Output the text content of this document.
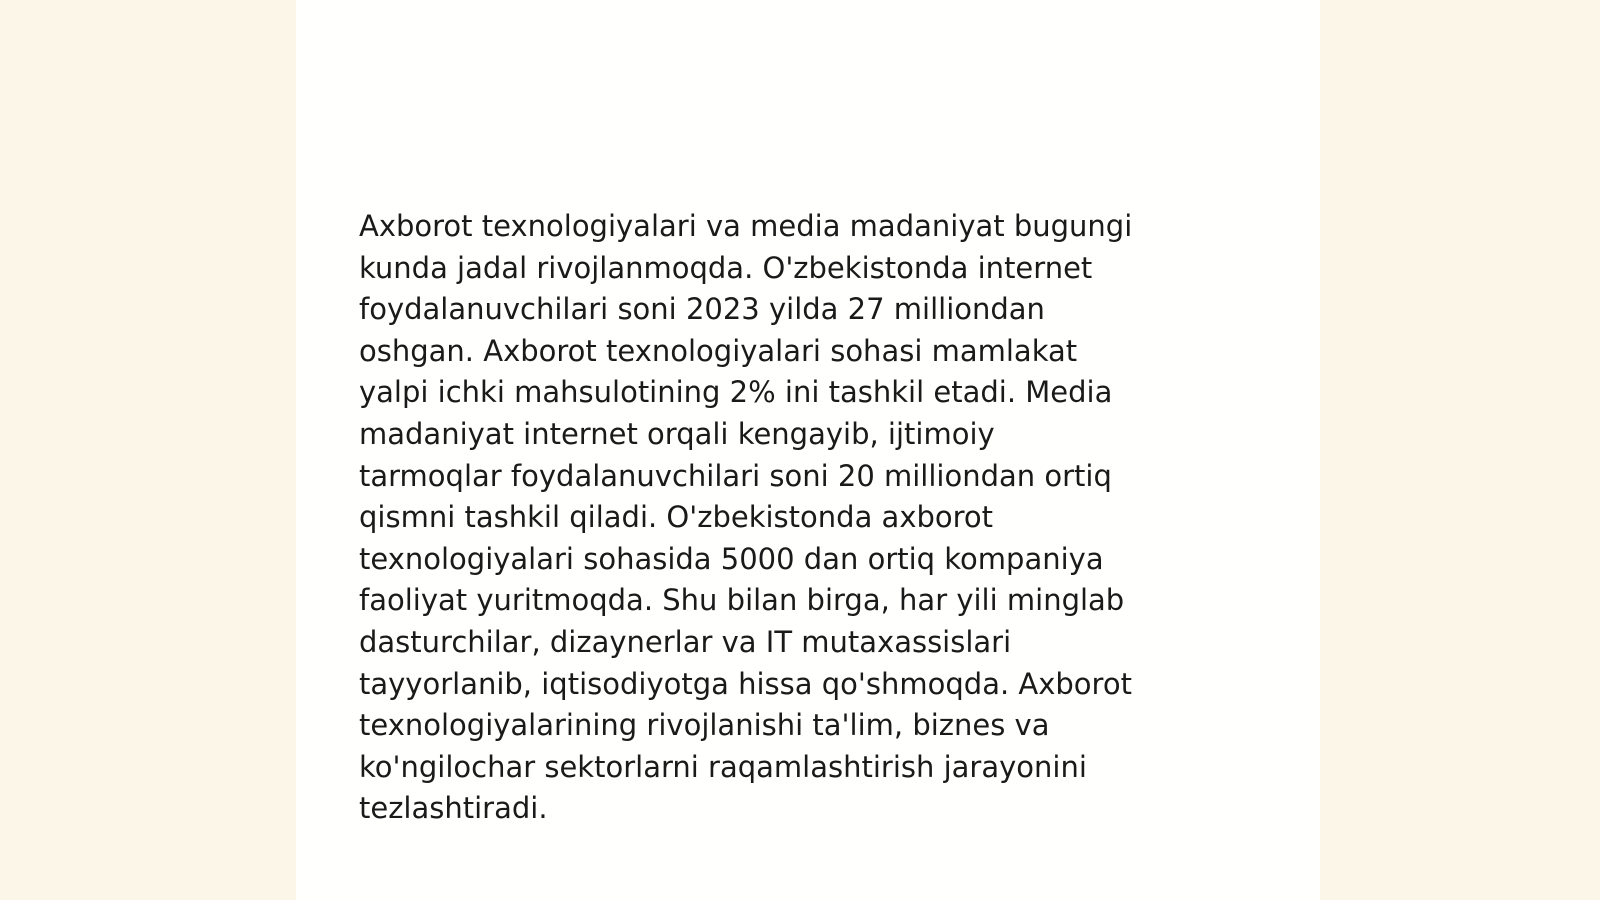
Axborot texnologiyalari va media madaniyat bugungi
kunda jadal rivojlanmoqda. O'zbekistonda internet
foydalanuvchilari soni 2023 yilda 27 milliondan
oshgan. Axborot texnologiyalari sohasi mamlakat
yalpi ichki mahsulotining 2% ini tashkil etadi. Media
madaniyat internet orqali kengayib, ijtimoiy
tarmoqlar foydalanuvchilari soni 20 milliondan ortiq
qismni tashkil qiladi. O'zbekistonda axborot
texnologiyalari sohasida 5000 dan ortiq kompaniya
faoliyat yuritmoqda. Shu bilan birga, har yili minglab
dasturchilar, dizaynerlar va IT mutaxassislari
tayyorlanib, iqtisodiyotga hissa qo'shmoqda. Axborot
texnologiyalarining rivojlanishi ta'lim, biznes va
ko'ngilochar sektorlarni raqamlashtirish jarayonini
tezlashtiradi.
